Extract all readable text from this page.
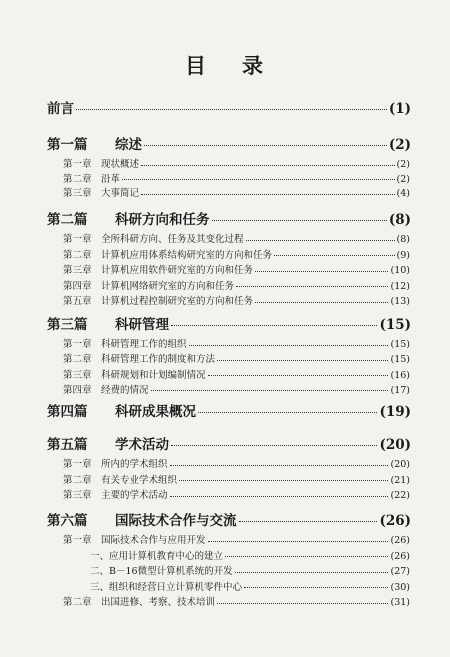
目 录
前言	(1)
第一篇 综述	(2)
第一章 现状概述	(2)
第二章 沿革	(2)
第三章 大事简记	(4)
第二篇 科研方向和任务	(8)
第一章 全所科研方向、任务及其变化过程	(8)
第二章 计算机应用体系结构研究室的方向和任务	(9)
第三章 计算机应用软件研究室的方向和任务	(10)
第四章 计算机网络研究室的方向和任务	(12)
第五章 计算机过程控制研究室的方向和任务	(13)
第三篇 科研管理	(15)
第一章 科研管理工作的组织	(15)
第二章 科研管理工作的制度和方法	(15)
第三章 科研规划和计划编制情况	(16)
第四章 经费的情况	(17)
第四篇 科研成果概况	(19)
第五篇 学术活动	(20)
第一章 所内的学术组织	(20)
第二章 有关专业学术组织	(21)
第三章 主要的学术活动	(22)
第六篇 国际技术合作与交流	(26)
第一章 国际技术合作与应用开发	(26)
一、应用计算机教育中心的建立	(26)
二、B－16微型计算机系统的开发	(27)
三、组织和经营日立计算机零件中心	(30)
第二章 出国进修、考察、技术培训	(31)
